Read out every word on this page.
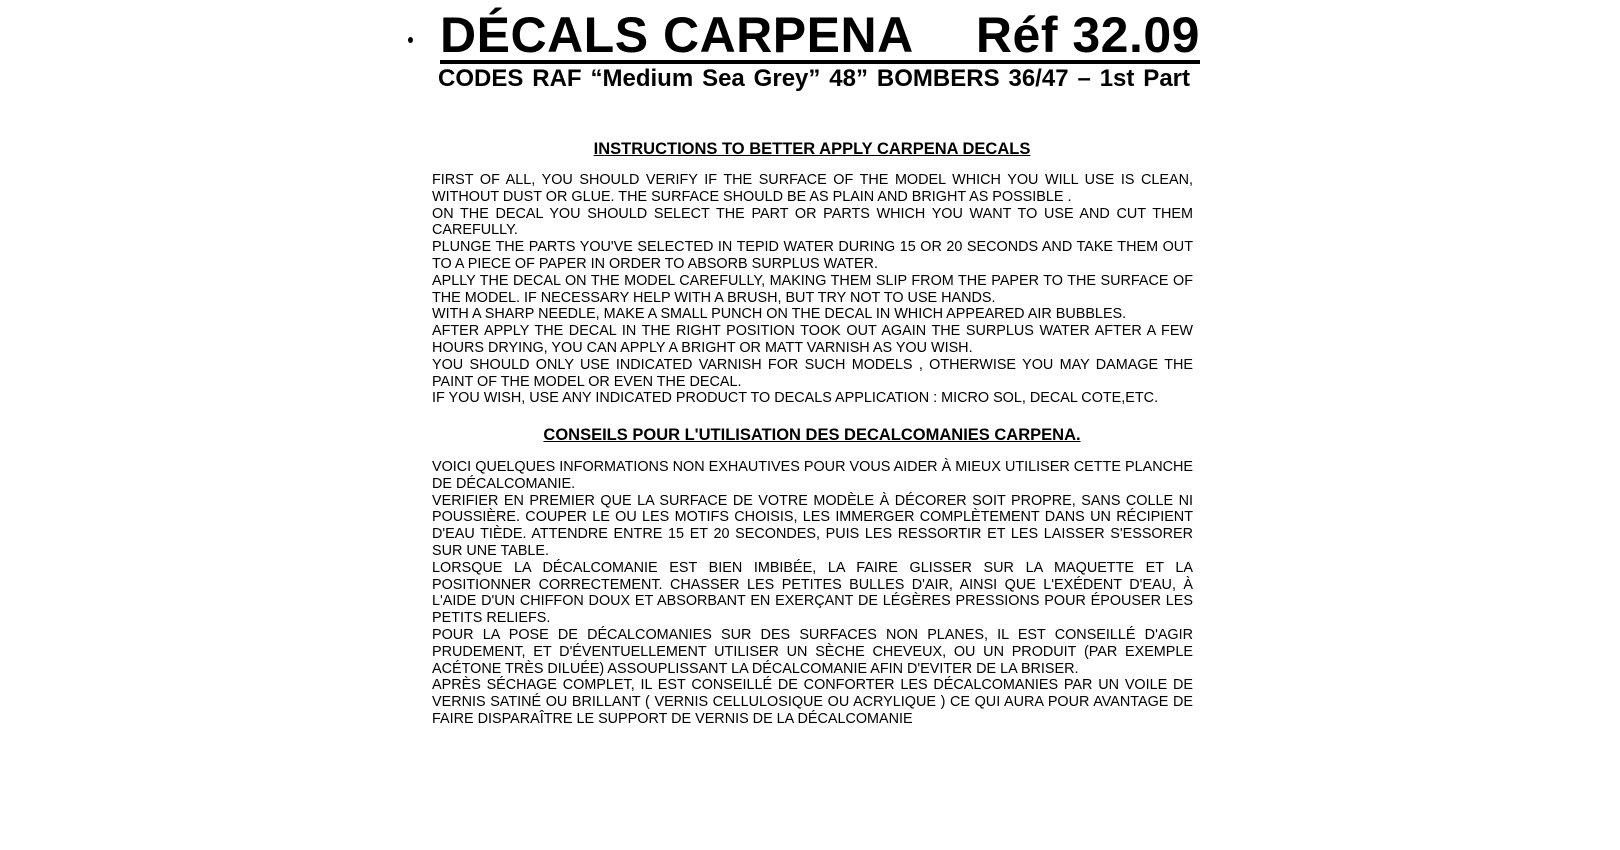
DÉCALS CARPENA Réf 32.09
CODES RAF “Medium Sea Grey” 48” BOMBERS 36/47 – 1st Part
INSTRUCTIONS TO BETTER APPLY CARPENA DECALS

FIRST OF ALL, YOU SHOULD VERIFY IF THE SURFACE OF THE MODEL WHICH YOU WILL USE IS CLEAN, WITHOUT DUST OR GLUE. THE SURFACE SHOULD BE AS PLAIN AND BRIGHT AS POSSIBLE .

ON THE DECAL YOU SHOULD SELECT THE PART OR PARTS WHICH YOU WANT TO USE AND CUT THEM CAREFULLY.

PLUNGE THE PARTS YOU'VE SELECTED IN TEPID WATER DURING 15 OR 20 SECONDS AND TAKE THEM OUT TO A PIECE OF PAPER IN ORDER TO ABSORB SURPLUS WATER.

APLLY THE DECAL ON THE MODEL CAREFULLY, MAKING THEM SLIP FROM THE PAPER TO THE SURFACE OF THE MODEL. IF NECESSARY HELP WITH A BRUSH, BUT TRY NOT TO USE HANDS.

WITH A SHARP NEEDLE, MAKE A SMALL PUNCH ON THE DECAL IN WHICH APPEARED AIR BUBBLES.

AFTER APPLY THE DECAL IN THE RIGHT POSITION TOOK OUT AGAIN THE SURPLUS WATER AFTER A FEW HOURS DRYING, YOU CAN APPLY A BRIGHT OR MATT VARNISH AS YOU WISH.

YOU SHOULD ONLY USE INDICATED VARNISH FOR SUCH MODELS , OTHERWISE YOU MAY DAMAGE THE PAINT OF THE MODEL OR EVEN THE DECAL.

IF YOU WISH, USE ANY INDICATED PRODUCT TO DECALS APPLICATION : MICRO SOL, DECAL COTE,ETC.

CONSEILS POUR L'UTILISATION DES DECALCOMANIES CARPENA.

VOICI QUELQUES INFORMATIONS NON EXHAUTIVES POUR VOUS AIDER À MIEUX UTILISER CETTE PLANCHE DE DÉCALCOMANIE.

VERIFIER EN PREMIER QUE LA SURFACE DE VOTRE MODÈLE À DÉCORER SOIT PROPRE, SANS COLLE NI POUSSIÈRE. COUPER LE OU LES MOTIFS CHOISIS, LES IMMERGER COMPLÈTEMENT DANS UN RÉCIPIENT D'EAU TIÈDE. ATTENDRE ENTRE 15 ET 20 SECONDES, PUIS LES RESSORTIR ET LES LAISSER S'ESSORER SUR UNE TABLE.

LORSQUE LA DÉCALCOMANIE EST BIEN IMBIBÉE, LA FAIRE GLISSER SUR LA MAQUETTE ET LA POSITIONNER CORRECTEMENT. CHASSER LES PETITES BULLES D'AIR, AINSI QUE L'EXÉDENT D'EAU, À L'AIDE D'UN CHIFFON DOUX ET ABSORBANT EN EXERÇANT DE LÉGÈRES PRESSIONS POUR ÉPOUSER LES PETITS RELIEFS.

POUR LA POSE DE DÉCALCOMANIES SUR DES SURFACES NON PLANES, IL EST CONSEILLÉ D'AGIR PRUDEMENT, ET D'ÉVENTUELLEMENT UTILISER UN SÈCHE CHEVEUX, OU UN PRODUIT (PAR EXEMPLE ACÉTONE TRÈS DILUÉE) ASSOUPLISSANT LA DÉCALCOMANIE AFIN D'EVITER DE LA BRISER.

APRÈS SÉCHAGE COMPLET, IL EST CONSEILLÉ DE CONFORTER LES DÉCALCOMANIES PAR UN VOILE DE VERNIS SATINÉ OU BRILLANT ( VERNIS CELLULOSIQUE OU ACRYLIQUE ) CE QUI AURA POUR AVANTAGE DE FAIRE DISPARAÎTRE LE SUPPORT DE VERNIS DE LA DÉCALCOMANIE
